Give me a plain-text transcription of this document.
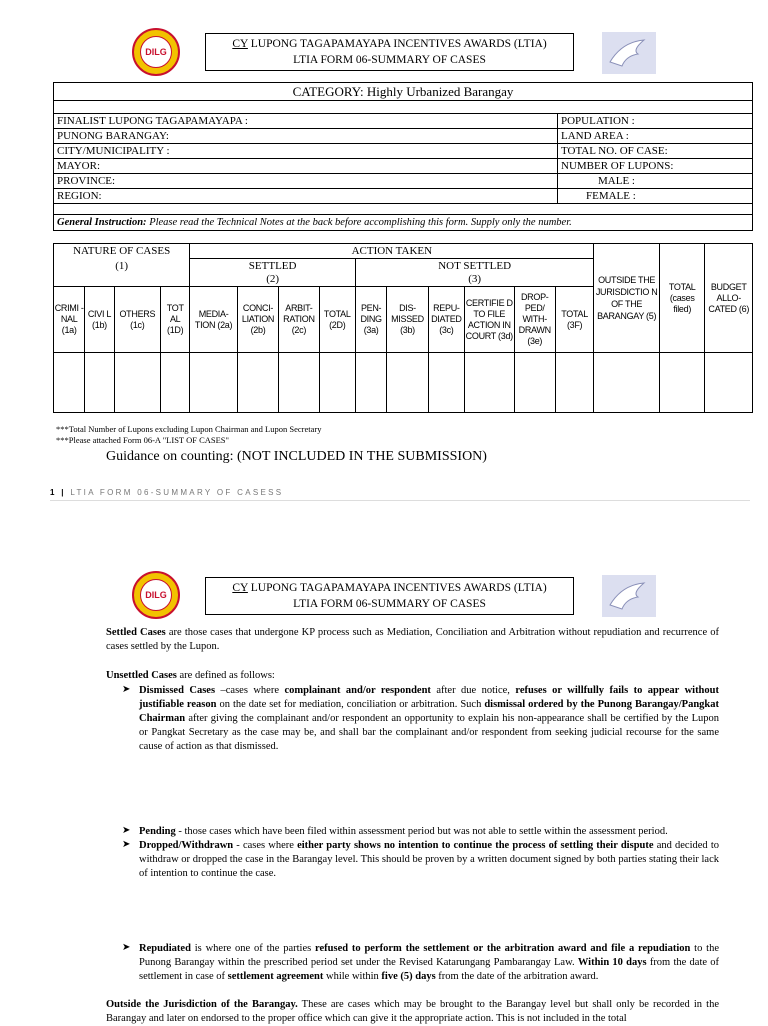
DILG
CY LUPONG TAGAPAMAYAPA INCENTIVES AWARDS (LTIA)
LTIA FORM 06-SUMMARY OF CASES
CATEGORY: Highly Urbanized Barangay
FINALIST LUPONG TAGAPAMAYAPA :	POPULATION :
PUNONG BARANGAY:	LAND AREA :
CITY/MUNICIPALITY :	TOTAL NO. OF CASE:
MAYOR:	NUMBER OF LUPONS:
PROVINCE:	MALE :
REGION:	FEMALE :
General Instruction: Please read the Technical Notes at the back before accomplishing this form. Supply only the number.
NATURE OF CASES				ACTION TAKEN										OUTSIDE THE JURISDICTIO N OF THE BARANGAY (5)	TOTAL (cases filed)	BUDGET ALLO-CATED (6)
(1)				SETTLED				NOT SETTLED								
				(2)				(3)								
CRIMI -NAL (1a)	CIVI L (1b)	OTHERS (1c)	TOT AL (1D)	MEDIA-TION (2a)	CONCI-LIATION (2b)	ARBIT-RATION (2c)	TOTAL (2D)	PEN-DING (3a)	DIS-MISSED (3b)	REPU-DIATED (3c)	CERTIFIE D TO FILE ACTION IN COURT (3d)	DROP-PED/ WITH-DRAWN (3e)	TOTAL (3F)			

***Total Number of Lupons excluding Lupon Chairman and Lupon Secretary
***Please attached Form 06-A "LIST OF CASES"
Guidance on counting: (NOT INCLUDED IN THE SUBMISSION)
1 | LTIA FORM 06-SUMMARY OF CASESS
DILG
CY LUPONG TAGAPAMAYAPA INCENTIVES AWARDS (LTIA)
LTIA FORM 06-SUMMARY OF CASES
Settled Cases are those cases that undergone KP process such as Mediation, Conciliation and Arbitration without repudiation and recurrence of cases settled by the Lupon.
Unsettled Cases are defined as follows:
➤ Dismissed Cases –cases where complainant and/or respondent after due notice, refuses or willfully fails to appear without justifiable reason on the date set for mediation, conciliation or arbitration. Such dismissal ordered by the Punong Barangay/Pangkat Chairman after giving the complainant and/or respondent an opportunity to explain his non-appearance shall be certified by the Lupon or Pangkat Secretary as the case may be, and shall bar the complainant and/or respondent from seeking judicial recourse for the same cause of action as that dismissed.
➤ Pending - those cases which have been filed within assessment period but was not able to settle within the assessment period.
➤ Dropped/Withdrawn - cases where either party shows no intention to continue the process of settling their dispute and decided to withdraw or dropped the case in the Barangay level. This should be proven by a written document signed by both parties stating their lack of intention to continue the case.
➤ Repudiated is where one of the parties refused to perform the settlement or the arbitration award and file a repudiation to the Punong Barangay within the prescribed period set under the Revised Katarungang Pambarangay Law. Within 10 days from the date of settlement in case of settlement agreement while within five (5) days from the date of the arbitration award.
Outside the Jurisdiction of the Barangay. These are cases which may be brought to the Barangay level but shall only be recorded in the Barangay and later on endorsed to the proper office which can give it the appropriate action. This is not included in the total
